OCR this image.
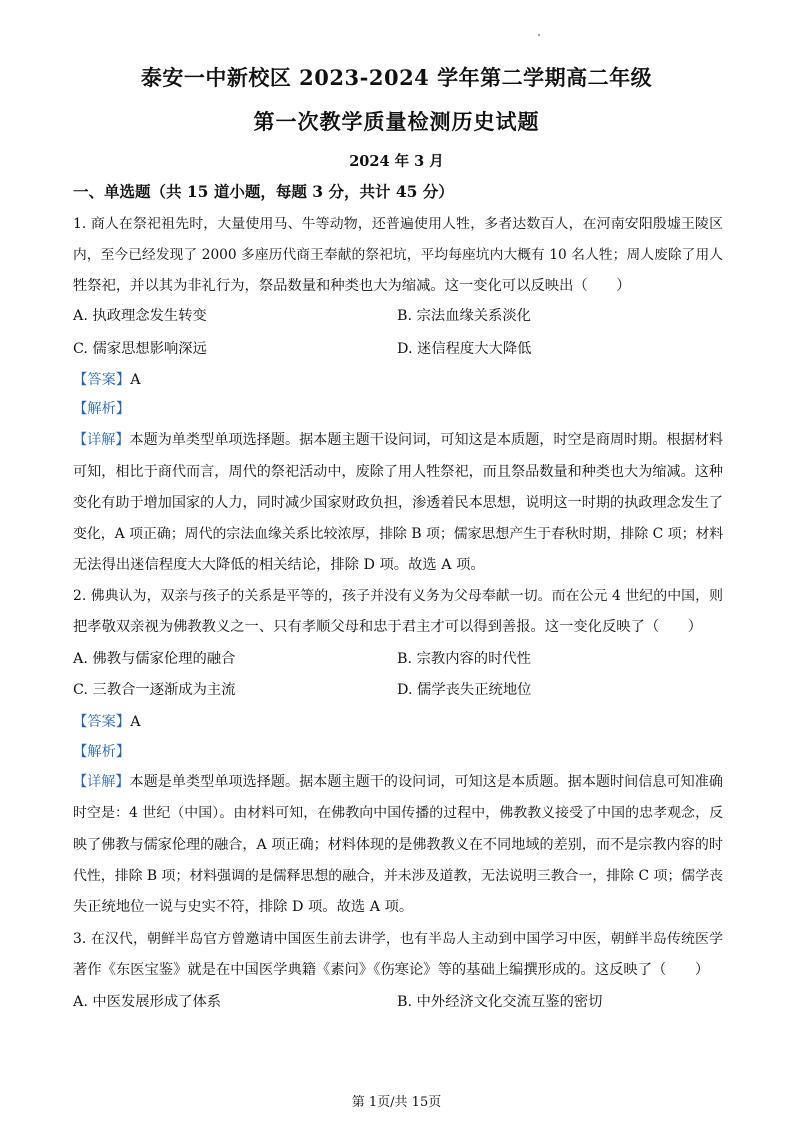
泰安一中新校区 2023-2024 学年第二学期高二年级
第一次教学质量检测历史试题
2024 年 3 月
一、单选题（共 15 道小题，每题 3 分，共计 45 分）
1. 商人在祭祀祖先时，大量使用马、牛等动物，还普遍使用人牲，多者达数百人，在河南安阳殷墟王陵区
内，至今已经发现了 2000 多座历代商王奉献的祭祀坑，平均每座坑内大概有 10 名人牲；周人废除了用人
牲祭祀，并以其为非礼行为，祭品数量和种类也大为缩减。这一变化可以反映出（　　）
A. 执政理念发生转变	B. 宗法血缘关系淡化
C. 儒家思想影响深远	D. 迷信程度大大降低
【答案】A
【解析】
【详解】本题为单类型单项选择题。据本题主题干设问词，可知这是本质题，时空是商周时期。根据材料
可知，相比于商代而言，周代的祭祀活动中，废除了用人牲祭祀，而且祭品数量和种类也大为缩减。这种
变化有助于增加国家的人力，同时减少国家财政负担，渗透着民本思想，说明这一时期的执政理念发生了
变化，A 项正确；周代的宗法血缘关系比较浓厚，排除 B 项；儒家思想产生于春秋时期，排除 C 项；材料
无法得出迷信程度大大降低的相关结论，排除 D 项。故选 A 项。
2. 佛典认为，双亲与孩子的关系是平等的，孩子并没有义务为父母奉献一切。而在公元 4 世纪的中国，则
把孝敬双亲视为佛教教义之一、只有孝顺父母和忠于君主才可以得到善报。这一变化反映了（　　）
A. 佛教与儒家伦理的融合	B. 宗教内容的时代性
C. 三教合一逐渐成为主流	D. 儒学丧失正统地位
【答案】A
【解析】
【详解】本题是单类型单项选择题。据本题主题干的设问词，可知这是本质题。据本题时间信息可知准确
时空是：4 世纪（中国）。由材料可知，在佛教向中国传播的过程中，佛教教义接受了中国的忠孝观念，反
映了佛教与儒家伦理的融合，A 项正确；材料体现的是佛教教义在不同地域的差别，而不是宗教内容的时
代性，排除 B 项；材料强调的是儒释思想的融合，并未涉及道教，无法说明三教合一，排除 C 项；儒学丧
失正统地位一说与史实不符，排除 D 项。故选 A 项。
3. 在汉代，朝鲜半岛官方曾邀请中国医生前去讲学，也有半岛人主动到中国学习中医，朝鲜半岛传统医学
著作《东医宝鉴》就是在中国医学典籍《素问》《伤寒论》等的基础上编撰形成的。这反映了（　　）
A. 中医发展形成了体系	B. 中外经济文化交流互鉴的密切
第 1页/共 15页
